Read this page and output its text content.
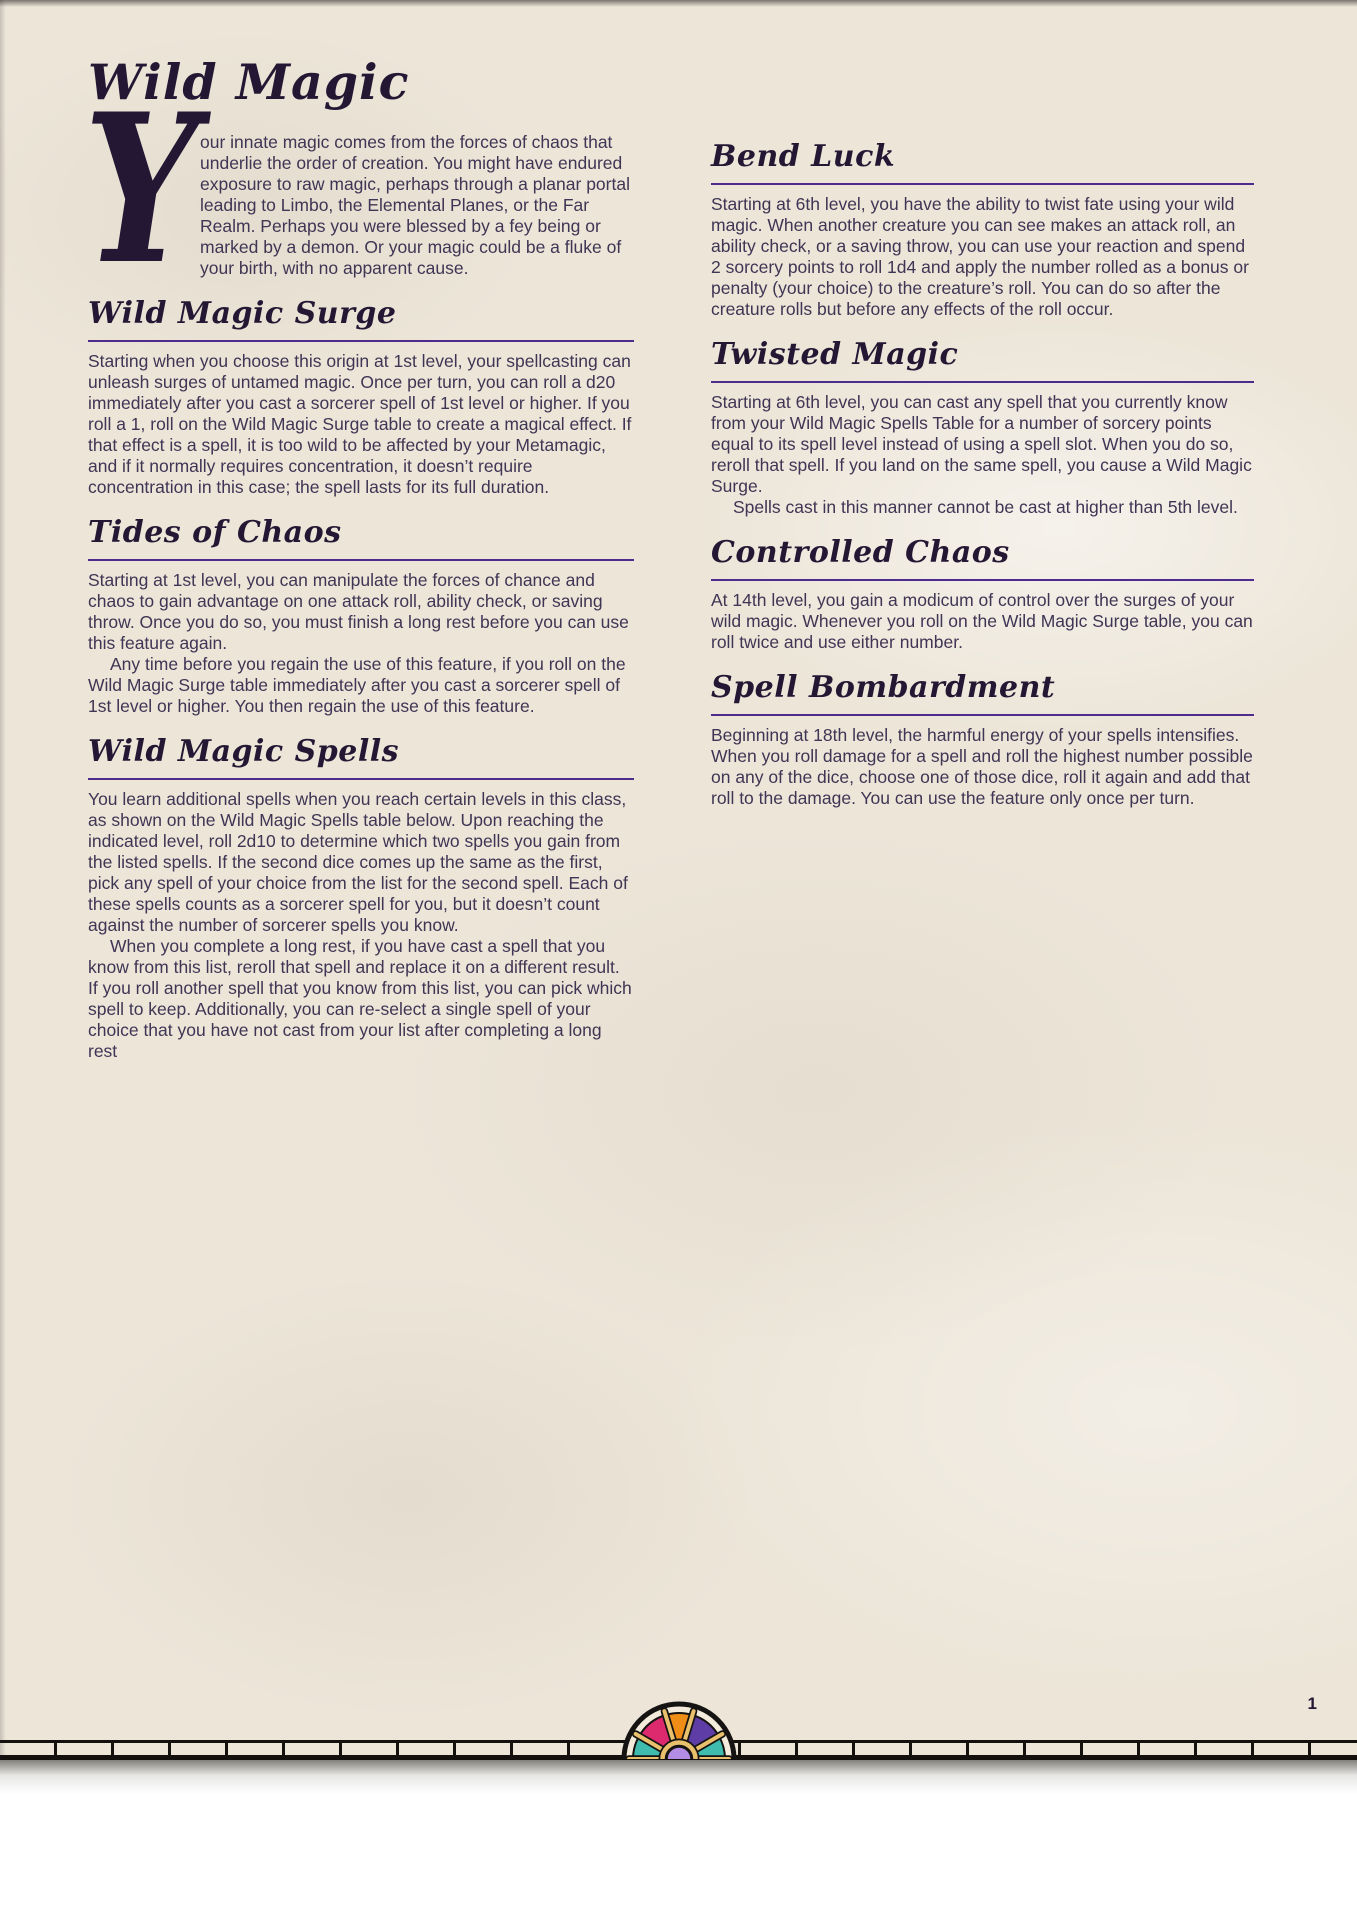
Wild Magic

Y our innate magic comes from the forces of chaos that underlie the order of creation. You might have endured exposure to raw magic, perhaps through a planar portal leading to Limbo, the Elemental Planes, or the Far Realm. Perhaps you were blessed by a fey being or marked by a demon. Or your magic could be a fluke of your birth, with no apparent cause.

Wild Magic Surge

Starting when you choose this origin at 1st level, your spellcasting can unleash surges of untamed magic. Once per turn, you can roll a d20 immediately after you cast a sorcerer spell of 1st level or higher. If you roll a 1, roll on the Wild Magic Surge table to create a magical effect. If that effect is a spell, it is too wild to be affected by your Metamagic, and if it normally requires concentration, it doesn’t require concentration in this case; the spell lasts for its full duration.

Tides of Chaos

Starting at 1st level, you can manipulate the forces of chance and chaos to gain advantage on one attack roll, ability check, or saving throw. Once you do so, you must finish a long rest before you can use this feature again.

Any time before you regain the use of this feature, if you roll on the Wild Magic Surge table immediately after you cast a sorcerer spell of 1st level or higher. You then regain the use of this feature.

Wild Magic Spells

You learn additional spells when you reach certain levels in this class, as shown on the Wild Magic Spells table below. Upon reaching the indicated level, roll 2d10 to determine which two spells you gain from the listed spells. If the second dice comes up the same as the first, pick any spell of your choice from the list for the second spell. Each of these spells counts as a sorcerer spell for you, but it doesn’t count against the number of sorcerer spells you know.

When you complete a long rest, if you have cast a spell that you know from this list, reroll that spell and replace it on a different result. If you roll another spell that you know from this list, you can pick which spell to keep. Additionally, you can re-select a single spell of your choice that you have not cast from your list after completing a long rest

Bend Luck

Starting at 6th level, you have the ability to twist fate using your wild magic. When another creature you can see makes an attack roll, an ability check, or a saving throw, you can use your reaction and spend 2 sorcery points to roll 1d4 and apply the number rolled as a bonus or penalty (your choice) to the creature’s roll. You can do so after the creature rolls but before any effects of the roll occur.

Twisted Magic

Starting at 6th level, you can cast any spell that you currently know from your Wild Magic Spells Table for a number of sorcery points equal to its spell level instead of using a spell slot. When you do so, reroll that spell. If you land on the same spell, you cause a Wild Magic Surge.

Spells cast in this manner cannot be cast at higher than 5th level.

Controlled Chaos

At 14th level, you gain a modicum of control over the surges of your wild magic. Whenever you roll on the Wild Magic Surge table, you can roll twice and use either number.

Spell Bombardment

Beginning at 18th level, the harmful energy of your spells intensifies. When you roll damage for a spell and roll the highest number possible on any of the dice, choose one of those dice, roll it again and add that roll to the damage. You can use the feature only once per turn.

1
